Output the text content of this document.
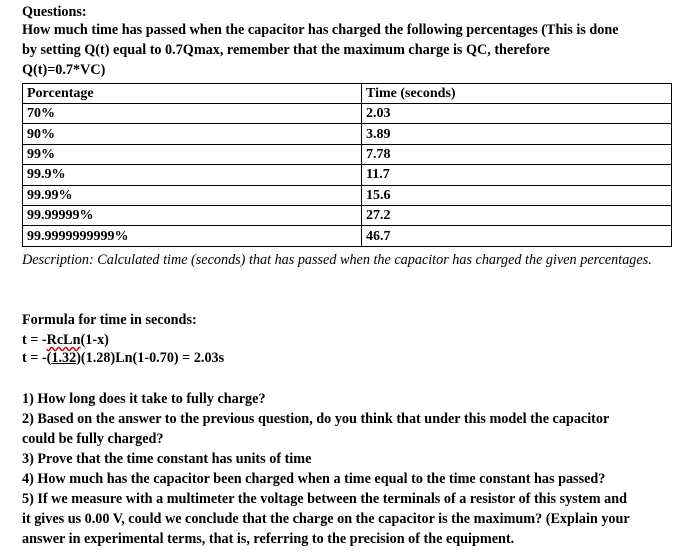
Questions:
How much time has passed when the capacitor has charged the following percentages (This is done
by setting Q(t) equal to 0.7Qmax, remember that the maximum charge is QC, therefore
Q(t)=0.7*VC)
Porcentage	Time (seconds)
70%	2.03
90%	3.89
99%	7.78
99.9%	11.7
99.99%	15.6
99.99999%	27.2
99.9999999999%	46.7
Description: Calculated time (seconds) that has passed when the capacitor has charged the given percentages.
Formula for time in seconds:
t = -RcLn(1-x)
t = -(1.32)(1.28)Ln(1-0.70) = 2.03s
1) How long does it take to fully charge?
2) Based on the answer to the previous question, do you think that under this model the capacitor
could be fully charged?
3) Prove that the time constant has units of time
4) How much has the capacitor been charged when a time equal to the time constant has passed?
5) If we measure with a multimeter the voltage between the terminals of a resistor of this system and
it gives us 0.00 V, could we conclude that the charge on the capacitor is the maximum? (Explain your
answer in experimental terms, that is, referring to the precision of the equipment.
